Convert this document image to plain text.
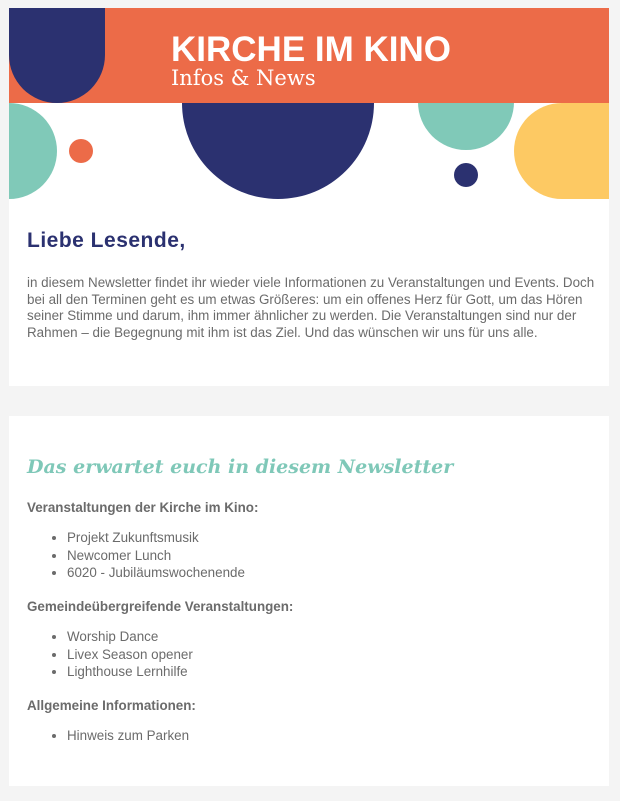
KIRCHE IM KINO
Infos & News
Liebe Lesende,

in diesem Newsletter findet ihr wieder viele Informationen zu Veranstaltungen und Events. Doch bei all den Terminen geht es um etwas Größeres: um ein offenes Herz für Gott, um das Hören seiner Stimme und darum, ihm immer ähnlicher zu werden. Die Veranstaltungen sind nur der Rahmen – die Begegnung mit ihm ist das Ziel. Und das wünschen wir uns für uns alle.

Das erwartet euch in diesem Newsletter

Veranstaltungen der Kirche im Kino:

• Projekt Zukunftsmusik
• Newcomer Lunch
• 6020 - Jubiläumswochenende

Gemeindeübergreifende Veranstaltungen:

• Worship Dance
• Livex Season opener
• Lighthouse Lernhilfe

Allgemeine Informationen:

• Hinweis zum Parken
